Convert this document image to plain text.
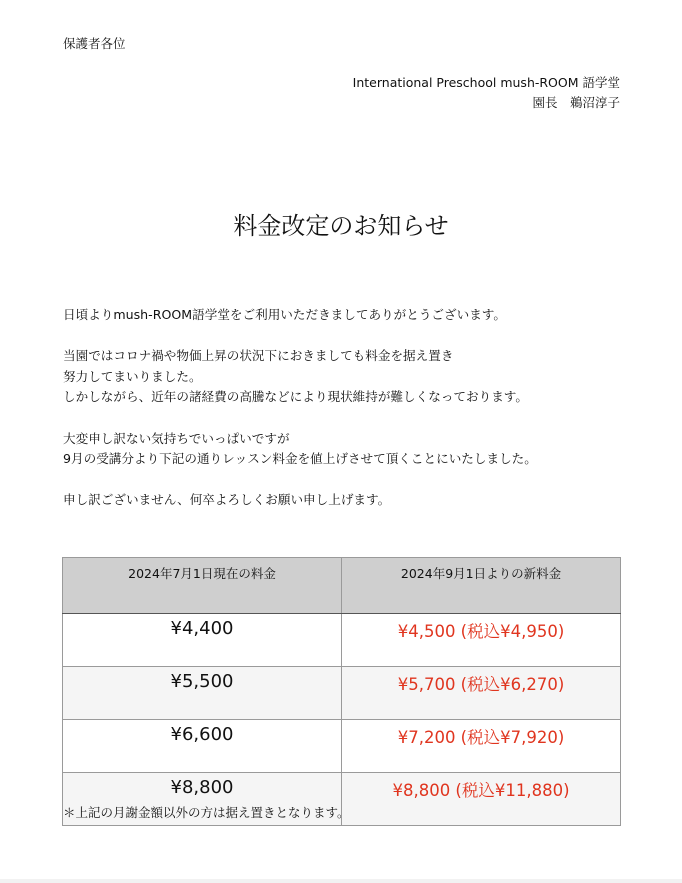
保護者各位
International Preschool mush-ROOM 語学堂
園長　鵜沼淳子
料金改定のお知らせ

日頃よりmush-ROOM語学堂をご利用いただきましてありがとうございます。

当園ではコロナ禍や物価上昇の状況下におきましても料金を据え置き
努力してまいりました。
しかしながら、近年の諸経費の高騰などにより現状維持が難しくなっております。

大変申し訳ない気持ちでいっぱいですが
9月の受講分より下記の通りレッスン料金を値上げさせて頂くことにいたしました。

申し訳ございません、何卒よろしくお願い申し上げます。

2024年7月1日現在の料金	2024年9月1日よりの新料金
¥4,400	¥4,500 (税込¥4,950)
¥5,500	¥5,700 (税込¥6,270)
¥6,600	¥7,200 (税込¥7,920)
¥8,800	¥8,800 (税込¥11,880)
＊上記の月謝金額以外の方は据え置きとなります。
